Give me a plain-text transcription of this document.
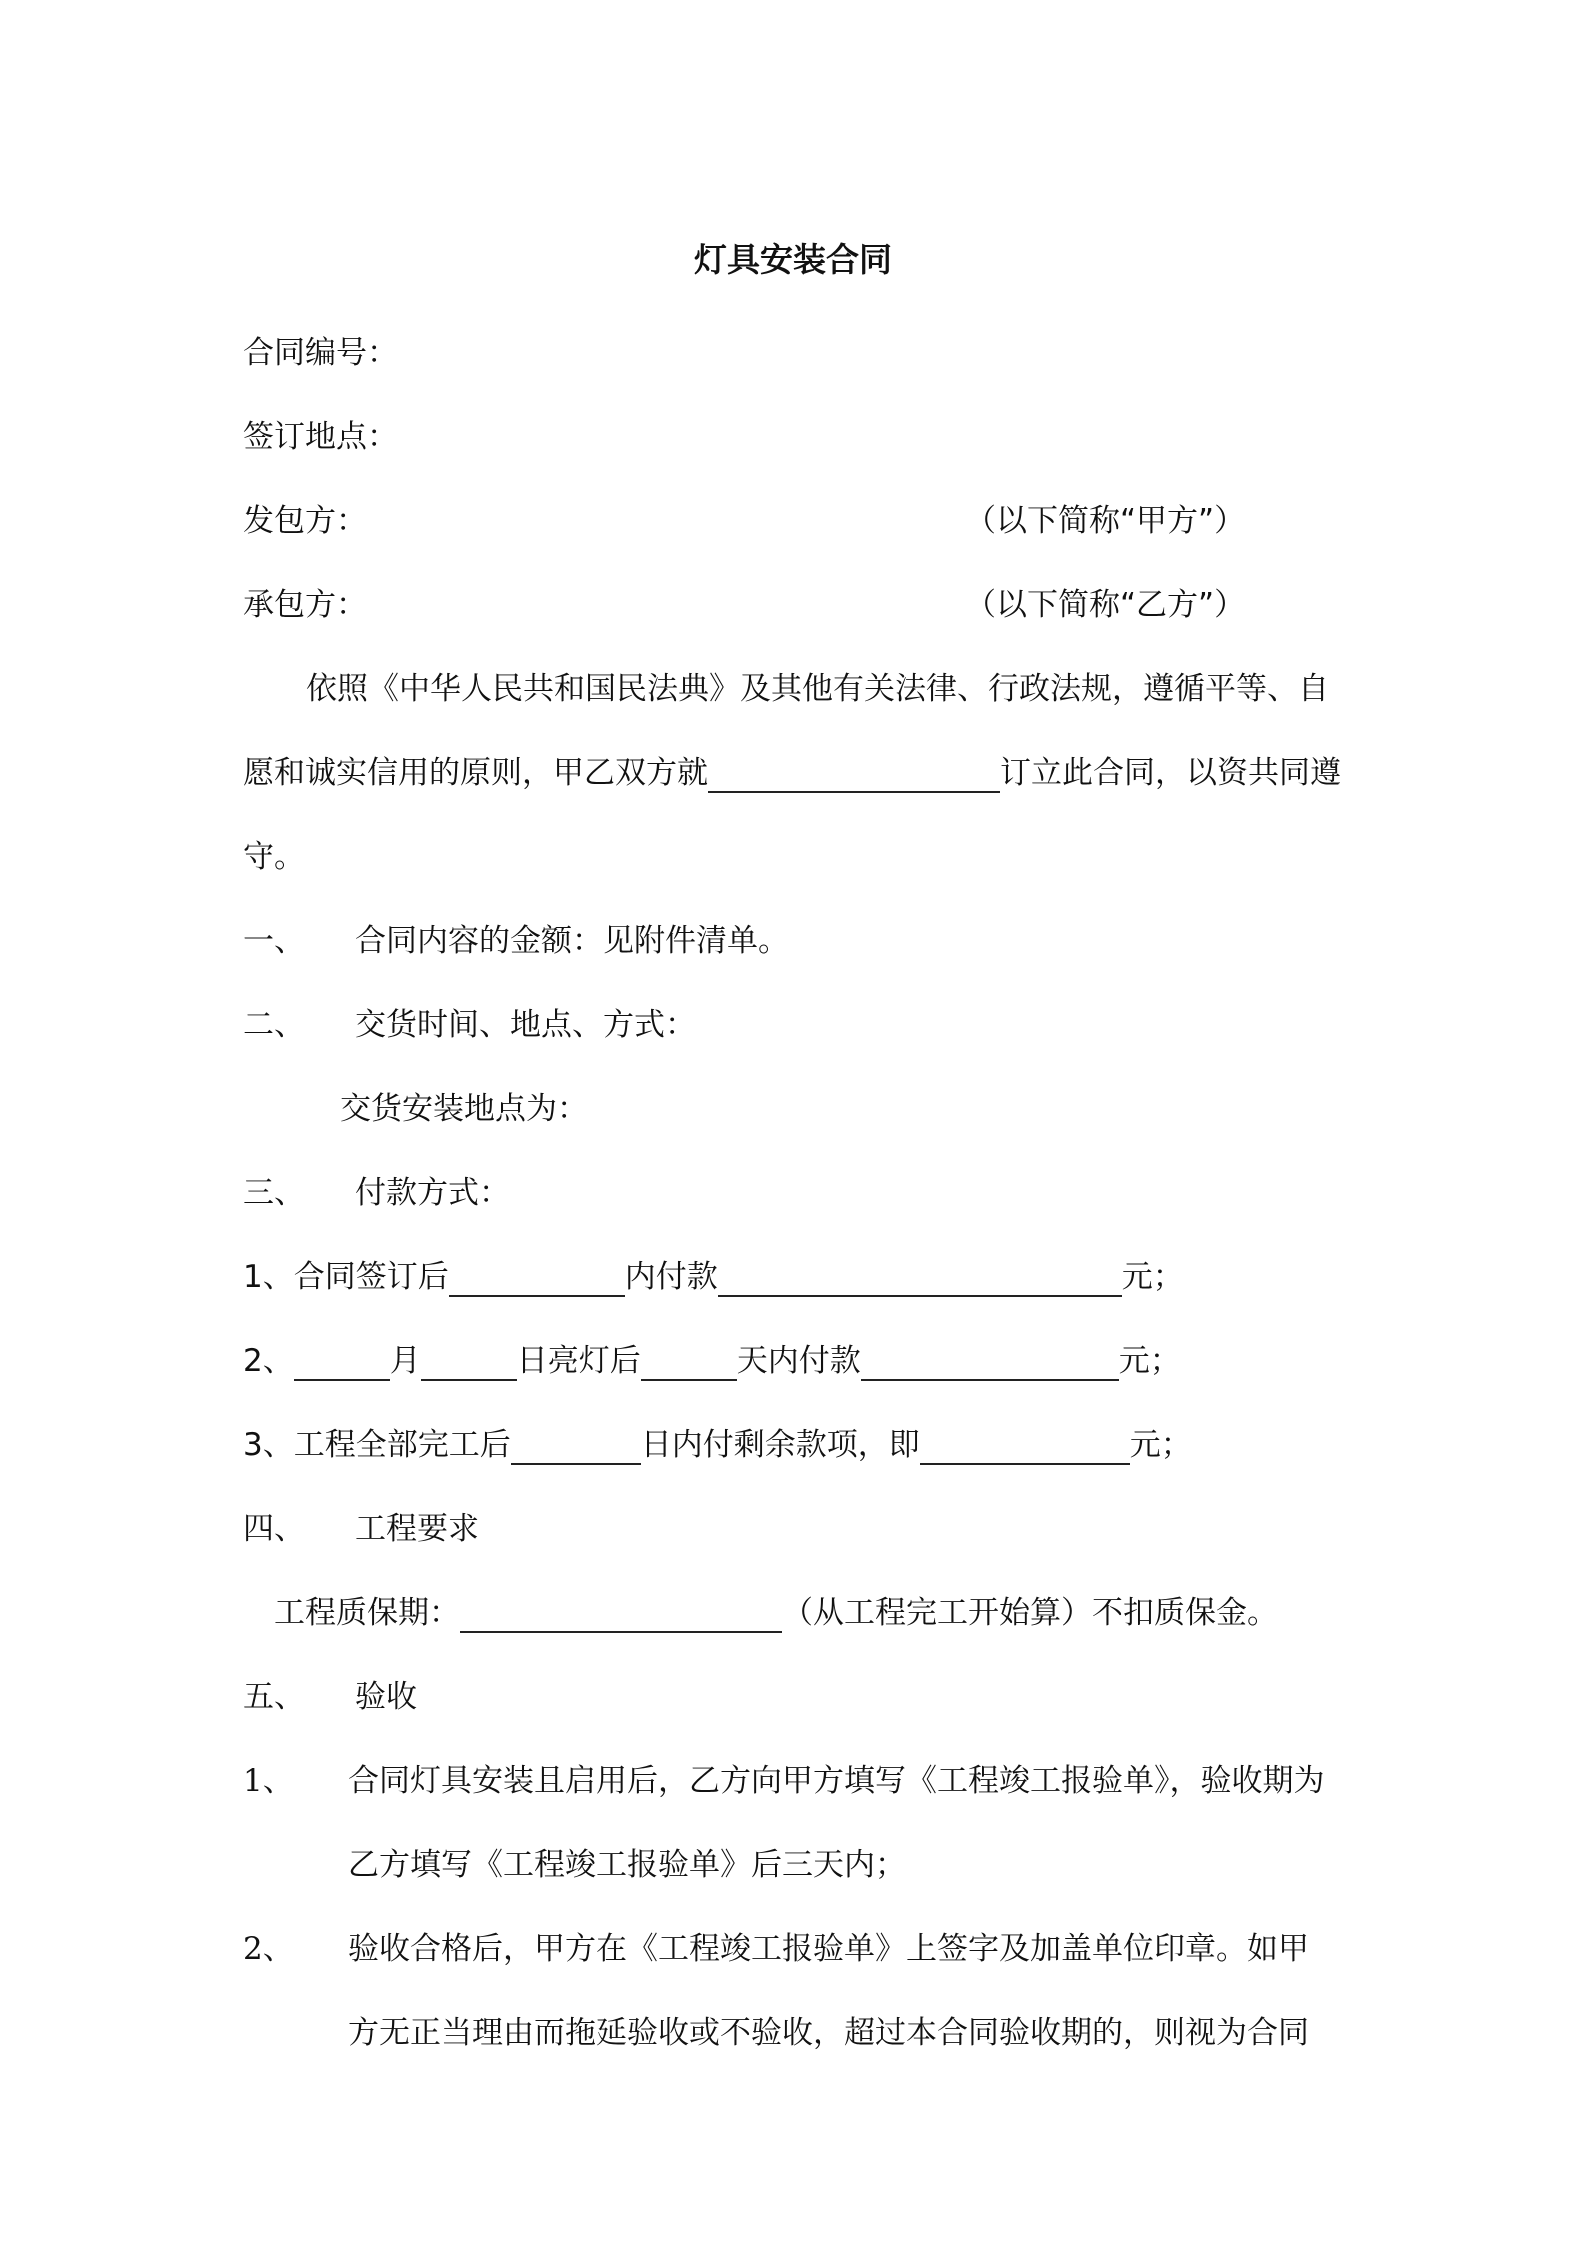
灯具安装合同
合同编号：
签订地点：
发包方：	（以下简称“甲方”）
承包方：	（以下简称“乙方”）
依照《中华人民共和国民法典》及其他有关法律、行政法规，遵循平等、自
愿和诚实信用的原则，甲乙双方就	订立此合同，以资共同遵
守。
一、 合同内容的金额：见附件清单。
二、 交货时间、地点、方式：
交货安装地点为：
三、 付款方式：
1、合同签订后	内付款	元；
2、	月	日亮灯后	天内付款	元；
3、工程全部完工后	日内付剩余款项，即	元；
四、 工程要求
工程质保期：	（从工程完工开始算）不扣质保金。
五、 验收
1、 合同灯具安装且启用后，乙方向甲方填写《工程竣工报验单》，验收期为
乙方填写《工程竣工报验单》后三天内；
2、 验收合格后，甲方在《工程竣工报验单》上签字及加盖单位印章。如甲
方无正当理由而拖延验收或不验收，超过本合同验收期的，则视为合同
